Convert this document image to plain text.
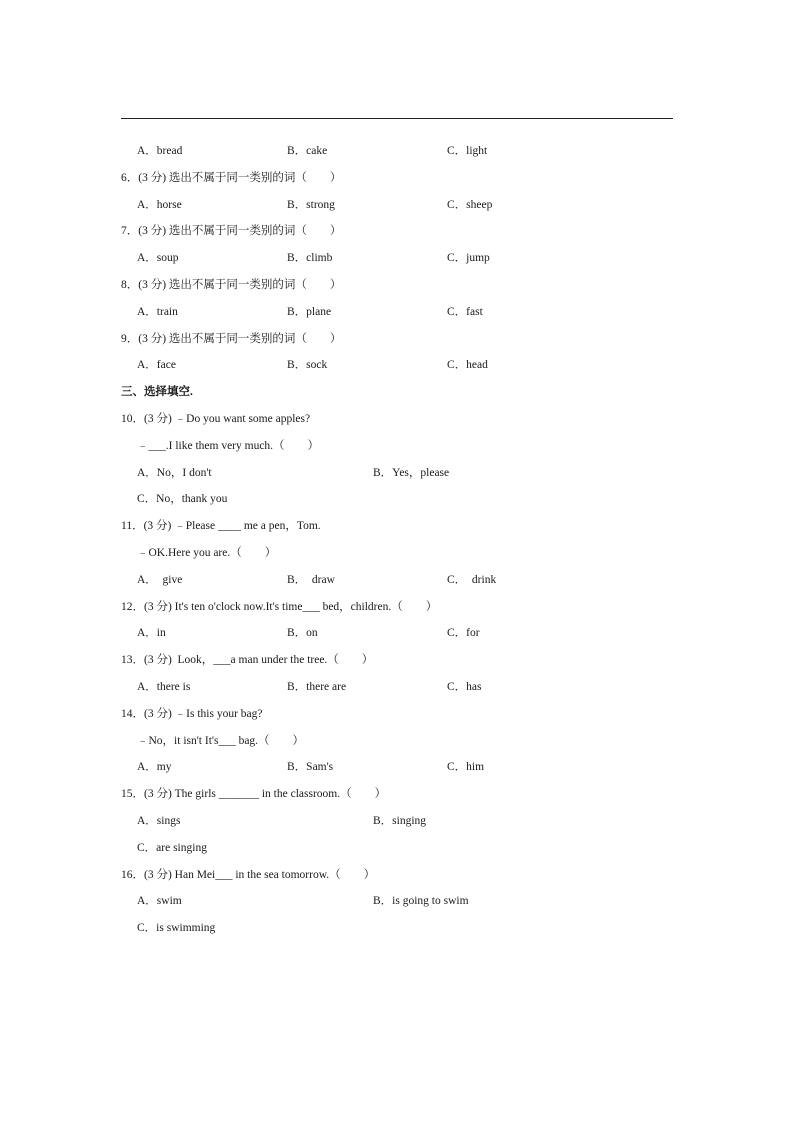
A．bread	B．cake	C．light
6．(3 分) 选出不属于同一类别的词（　　）
A．horse	B．strong	C．sheep
7．(3 分) 选出不属于同一类别的词（　　）
A．soup	B．climb	C．jump
8．(3 分) 选出不属于同一类别的词（　　）
A．train	B．plane	C．fast
9．(3 分) 选出不属于同一类别的词（　　）
A．face	B．sock	C．head
三、选择填空.
10．(3 分) ﹣Do you want some apples?
﹣___.I like them very much.（　　）
A．No，I don't	B．Yes，please
C．No，thank you
11．(3 分) ﹣Please ____ me a pen，Tom.
﹣OK.Here you are.（　　）
A．  give	B．  draw	C．  drink
12．(3 分) It's ten o'clock now.It's time___ bed，children.（　　）
A．in	B．on	C．for
13．(3 分)  Look，___a man under the tree.（　　）
A．there is	B．there are	C．has
14．(3 分) ﹣Is this your bag?
﹣No，it isn't It's___ bag.（　　）
A．my	B．Sam's	C．him
15．(3 分) The girls _______ in the classroom.（　　）
A．sings	B．singing
C．are singing
16．(3 分) Han Mei___ in the sea tomorrow.（　　）
A．swim	B．is going to swim
C．is swimming
